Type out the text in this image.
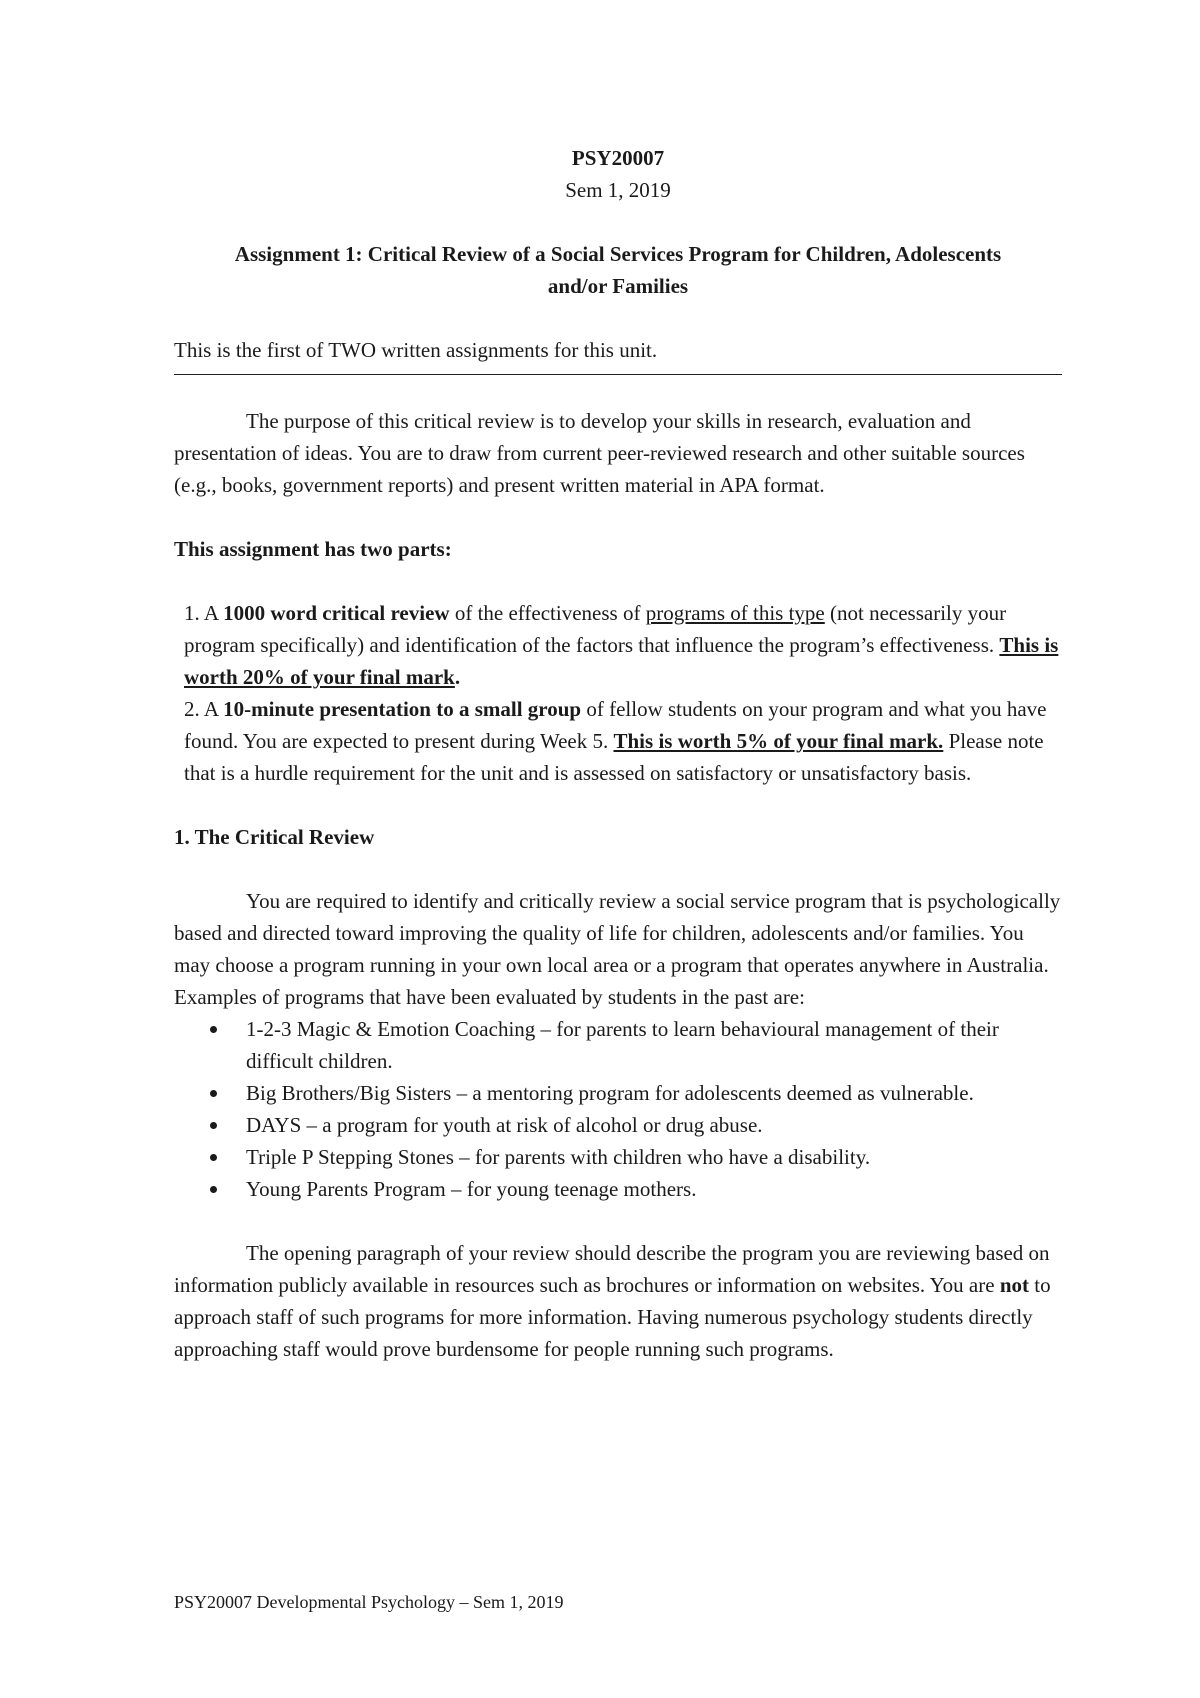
PSY20007

Sem 1, 2019

Assignment 1: Critical Review of a Social Services Program for Children, Adolescents
and/or Families

This is the first of TWO written assignments for this unit.

The purpose of this critical review is to develop your skills in research, evaluation and presentation of ideas. You are to draw from current peer-reviewed research and other suitable sources (e.g., books, government reports) and present written material in APA format.

This assignment has two parts:

1. A 1000 word critical review of the effectiveness of programs of this type (not necessarily your program specifically) and identification of the factors that influence the program’s effectiveness. This is worth 20% of your final mark.
2. A 10-minute presentation to a small group of fellow students on your program and what you have found. You are expected to present during Week 5. This is worth 5% of your final mark. Please note that is a hurdle requirement for the unit and is assessed on satisfactory or unsatisfactory basis.

1. The Critical Review

You are required to identify and critically review a social service program that is psychologically based and directed toward improving the quality of life for children, adolescents and/or families. You may choose a program running in your own local area or a program that operates anywhere in Australia. Examples of programs that have been evaluated by students in the past are:

1-2-3 Magic & Emotion Coaching – for parents to learn behavioural management of their difficult children.
Big Brothers/Big Sisters – a mentoring program for adolescents deemed as vulnerable.
DAYS – a program for youth at risk of alcohol or drug abuse.
Triple P Stepping Stones – for parents with children who have a disability.
Young Parents Program – for young teenage mothers.

The opening paragraph of your review should describe the program you are reviewing based on information publicly available in resources such as brochures or information on websites. You are not to approach staff of such programs for more information. Having numerous psychology students directly approaching staff would prove burdensome for people running such programs.

PSY20007 Developmental Psychology – Sem 1, 2019
